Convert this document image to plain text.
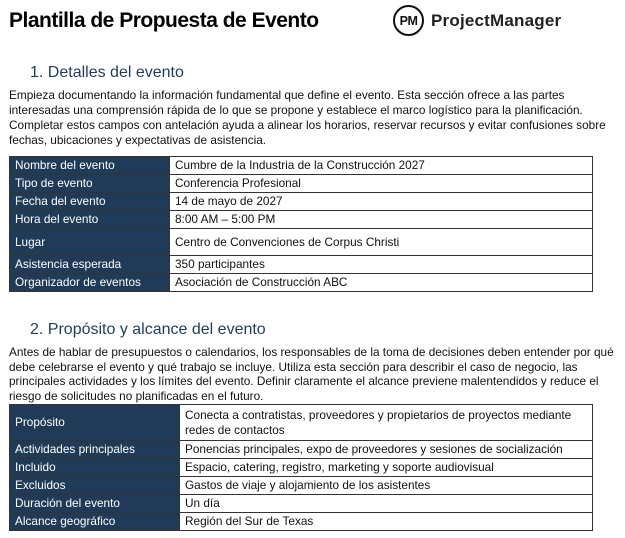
Plantilla de Propuesta de Evento	PM ProjectManager
1. Detalles del evento
Empieza documentando la información fundamental que define el evento. Esta sección ofrece a las partes interesadas una comprensión rápida de lo que se propone y establece el marco logístico para la planificación. Completar estos campos con antelación ayuda a alinear los horarios, reservar recursos y evitar confusiones sobre fechas, ubicaciones y expectativas de asistencia.
Nombre del evento	Cumbre de la Industria de la Construcción 2027
Tipo de evento	Conferencia Profesional
Fecha del evento	14 de mayo de 2027
Hora del evento	8:00 AM – 5:00 PM
Lugar	Centro de Convenciones de Corpus Christi
Asistencia esperada	350 participantes
Organizador de eventos	Asociación de Construcción ABC
2. Propósito y alcance del evento
Antes de hablar de presupuestos o calendarios, los responsables de la toma de decisiones deben entender por qué debe celebrarse el evento y qué trabajo se incluye. Utiliza esta sección para describir el caso de negocio, las principales actividades y los límites del evento. Definir claramente el alcance previene malentendidos y reduce el riesgo de solicitudes no planificadas en el futuro.
Propósito	Conecta a contratistas, proveedores y propietarios de proyectos mediante redes de contactos
Actividades principales	Ponencias principales, expo de proveedores y sesiones de socialización
Incluido	Espacio, catering, registro, marketing y soporte audiovisual
Excluidos	Gastos de viaje y alojamiento de los asistentes
Duración del evento	Un día
Alcance geográfico	Región del Sur de Texas
